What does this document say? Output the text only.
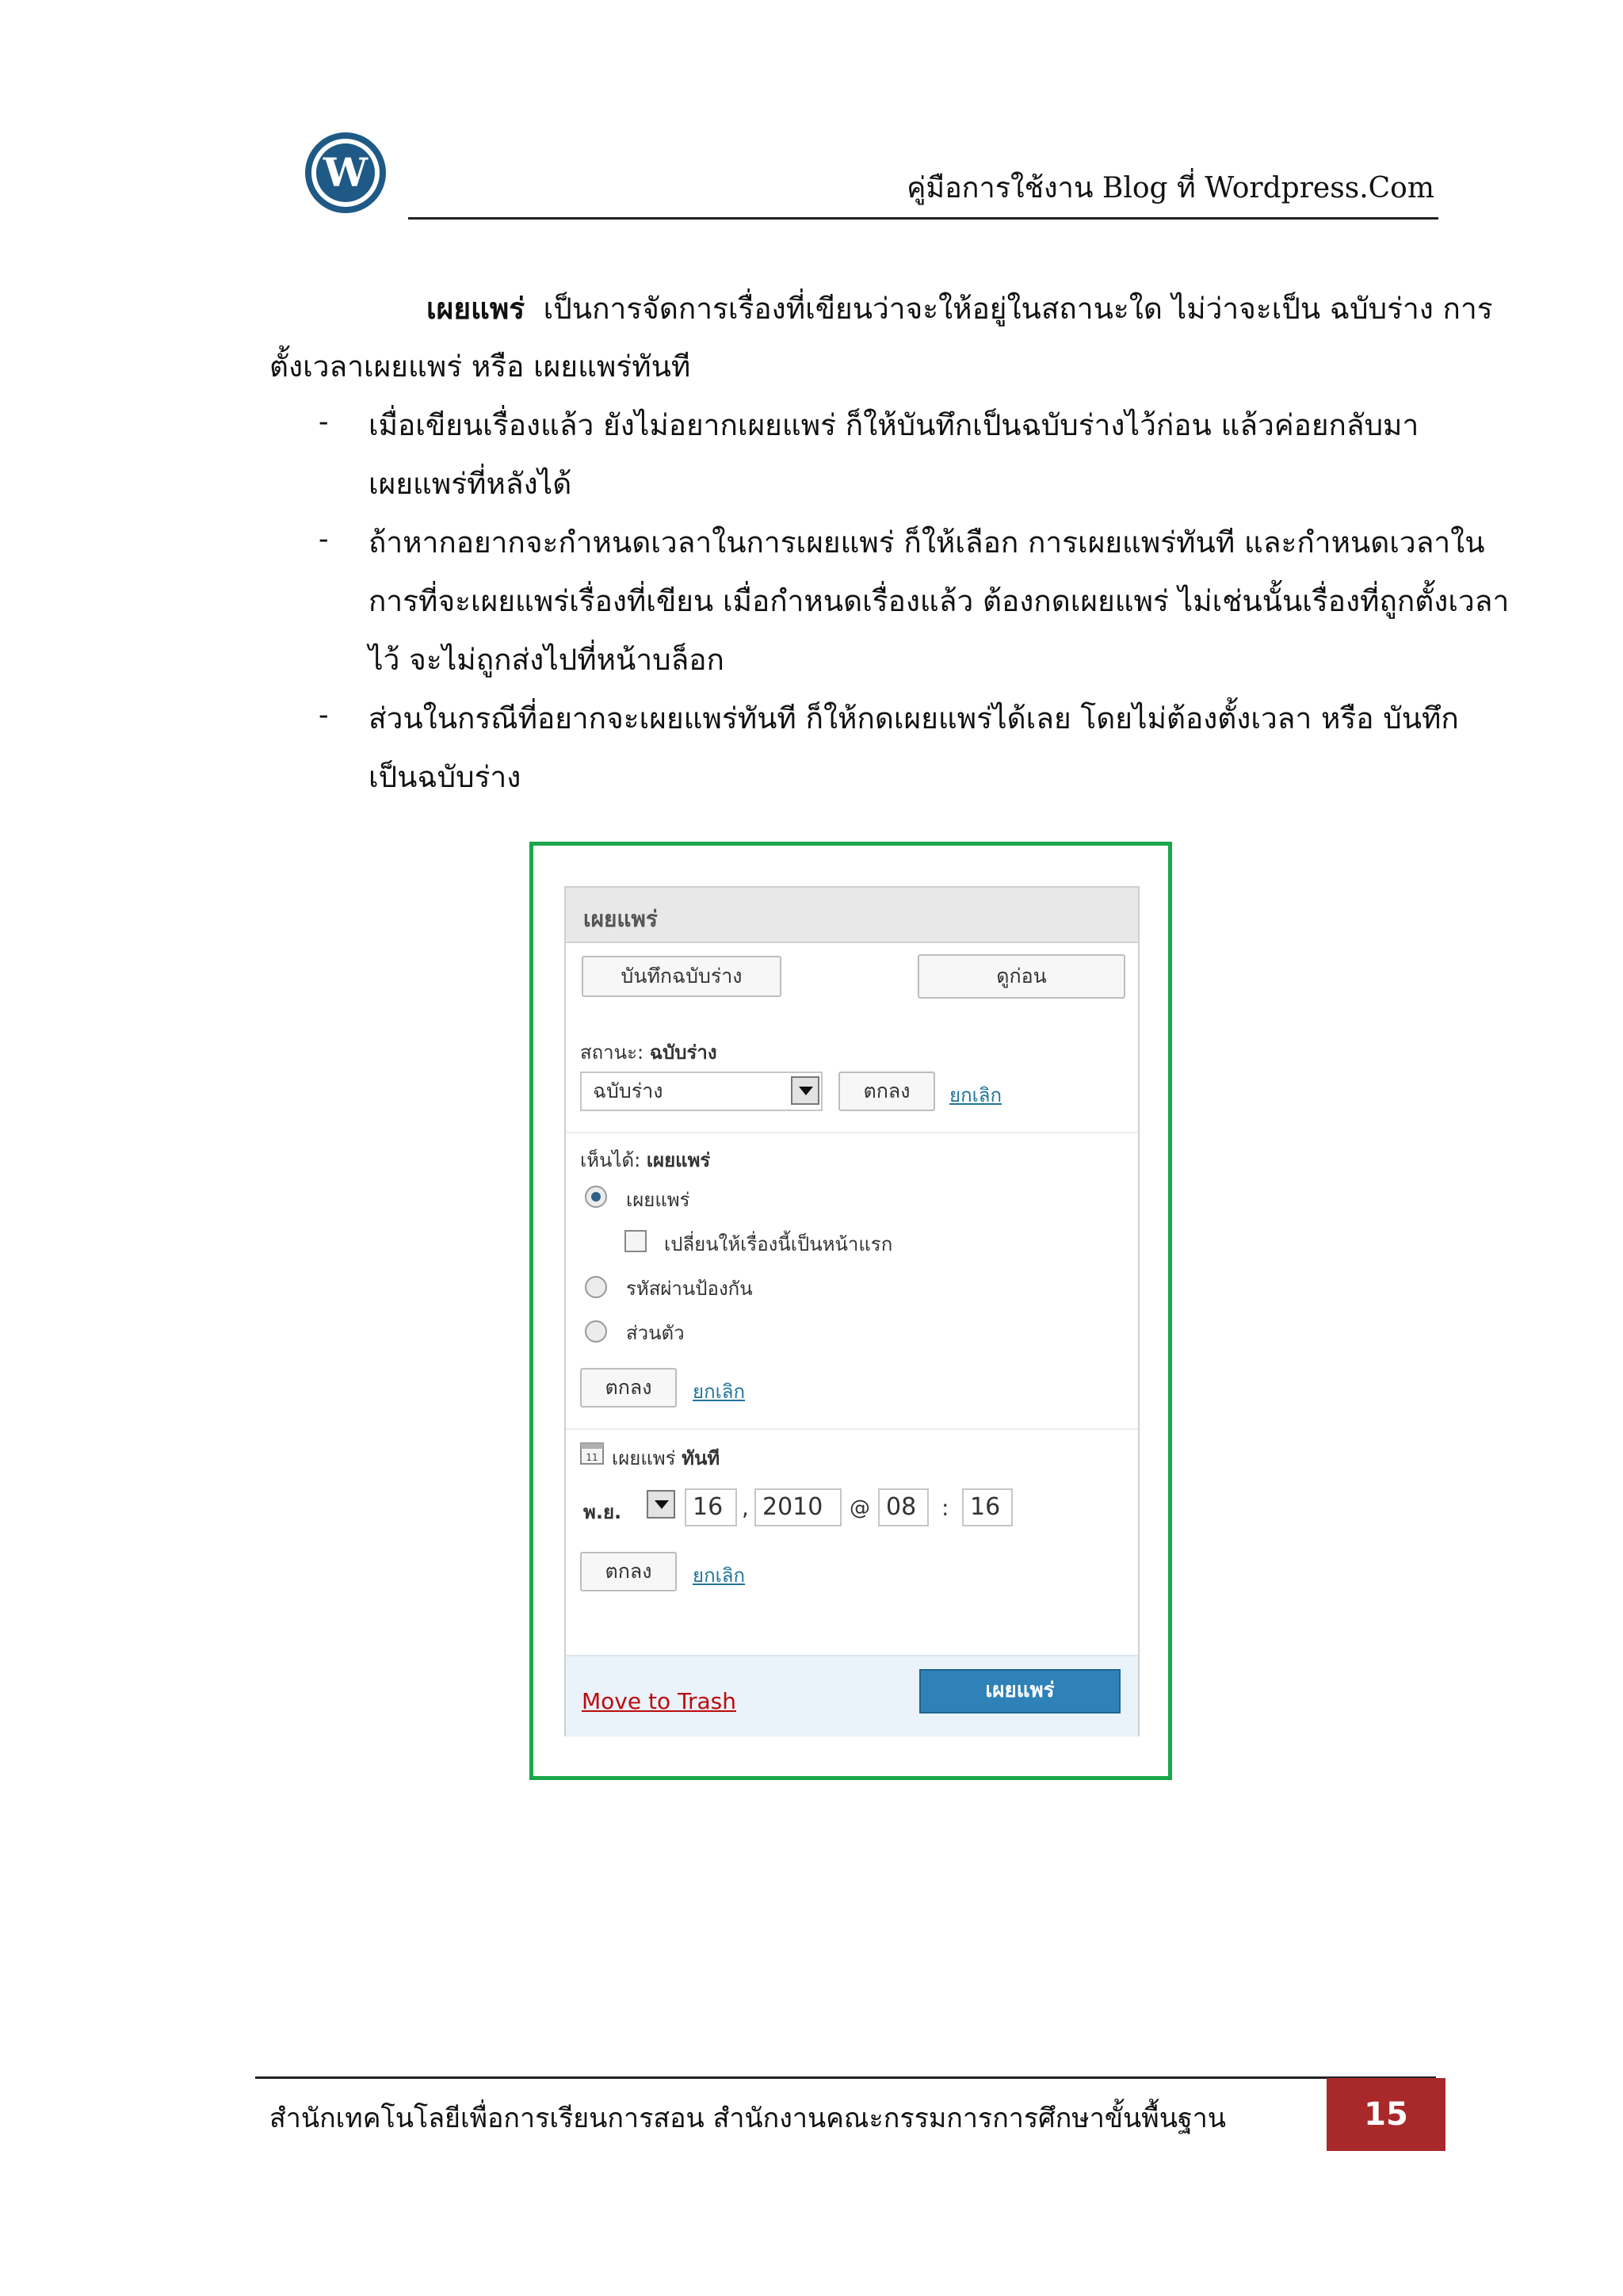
W	คู่มือการใช้งาน Blog ที่ Wordpress.Com
เผยแพร่ เป็นการจัดการเรื่องที่เขียนว่าจะให้อยู่ในสถานะใด ไม่ว่าจะเป็น ฉบับร่าง การ
ตั้งเวลาเผยแพร่ หรือ เผยแพร่ทันที
- เมื่อเขียนเรื่องแล้ว ยังไม่อยากเผยแพร่ ก็ให้บันทึกเป็นฉบับร่างไว้ก่อน แล้วค่อยกลับมา
เผยแพร่ที่หลังได้
- ถ้าหากอยากจะกำหนดเวลาในการเผยแพร่ ก็ให้เลือก การเผยแพร่ทันที และกำหนดเวลาใน
การที่จะเผยแพร่เรื่องที่เขียน เมื่อกำหนดเรื่องแล้ว ต้องกดเผยแพร่ ไม่เช่นนั้นเรื่องที่ถูกตั้งเวลา
ไว้ จะไม่ถูกส่งไปที่หน้าบล็อก
- ส่วนในกรณีที่อยากจะเผยแพร่ทันที ก็ให้กดเผยแพร่ได้เลย โดยไม่ต้องตั้งเวลา หรือ บันทึก
เป็นฉบับร่าง
เผยแพร่
บันทึกฉบับร่าง	ดูก่อน
สถานะ: ฉบับร่าง
ฉบับร่าง	ตกลง	ยกเลิก
เห็นได้: เผยแพร่
เผยแพร่
เปลี่ยนให้เรื่องนี้เป็นหน้าแรก
รหัสผ่านป้องกัน
ส่วนตัว
ตกลง	ยกเลิก
11 เผยแพร่ ทันที
พ.ย.	16 , 2010	@ 08	: 16
ตกลง	ยกเลิก
Move to Trash	เผยแพร่
สำนักเทคโนโลยีเพื่อการเรียนการสอน สำนักงานคณะกรรมการการศึกษาขั้นพื้นฐาน	15
